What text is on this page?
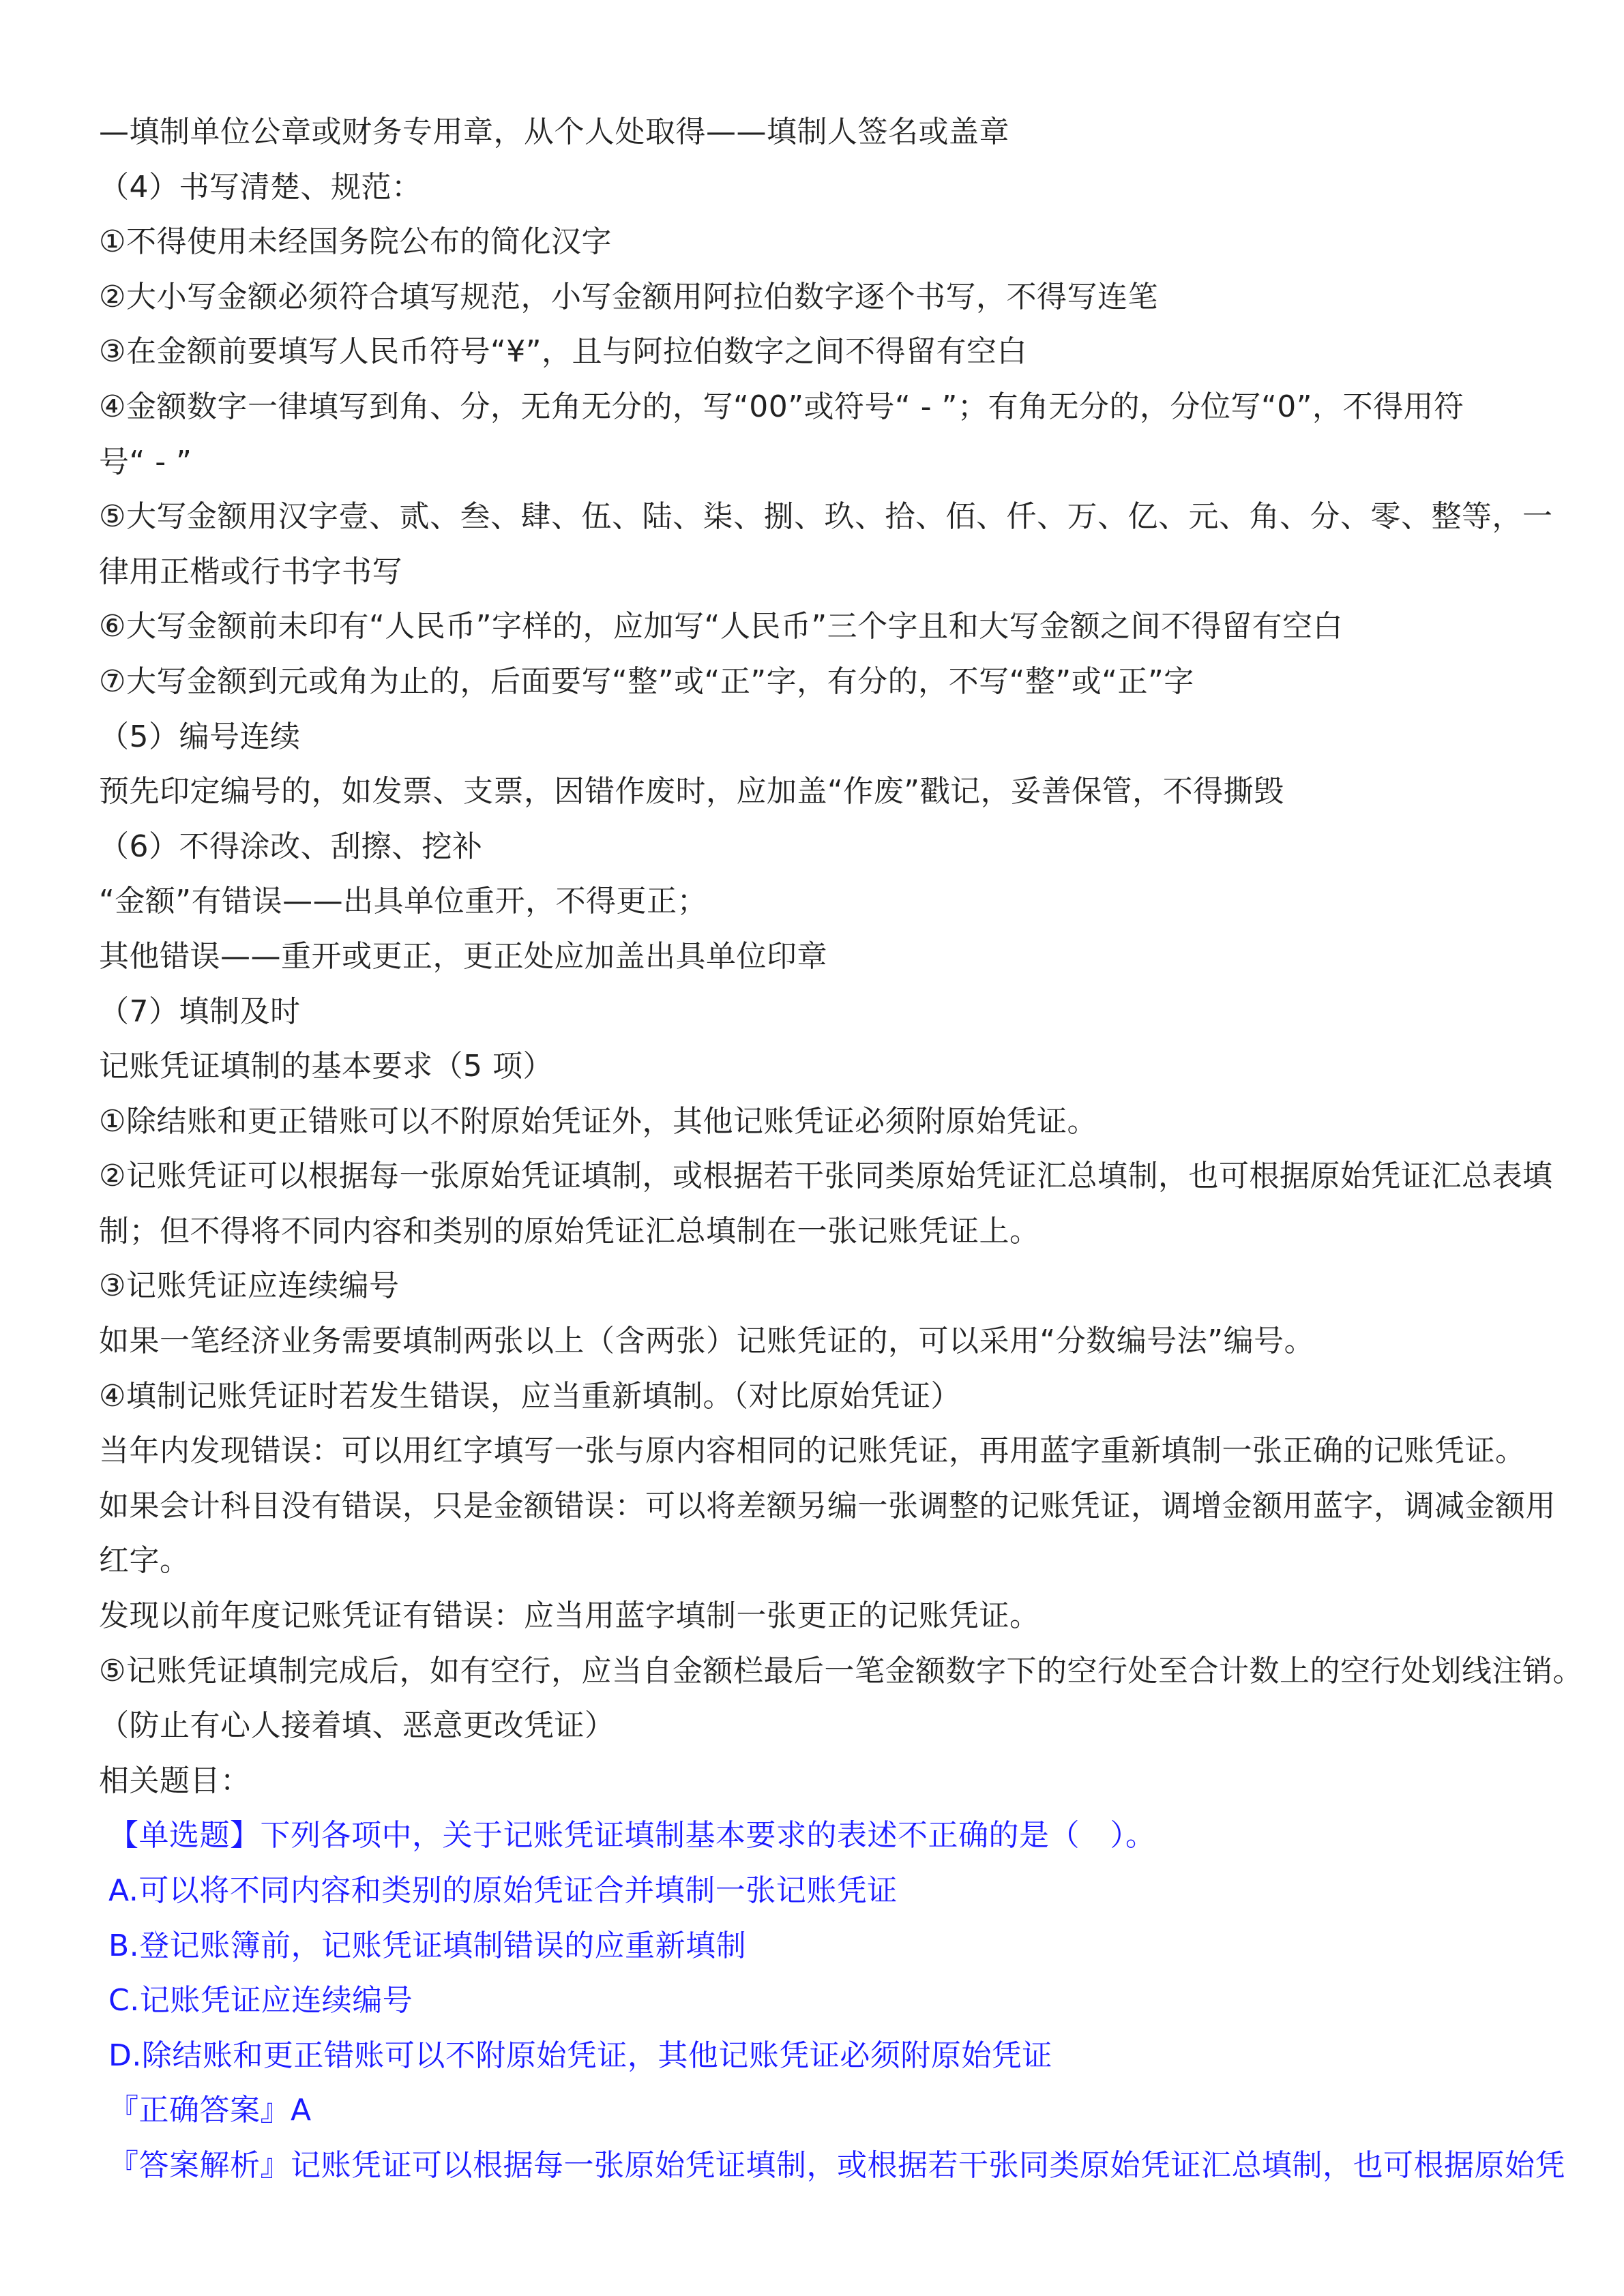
—填制单位公章或财务专用章，从个人处取得——填制人签名或盖章
（4）书写清楚、规范：
①不得使用未经国务院公布的简化汉字
②大小写金额必须符合填写规范，小写金额用阿拉伯数字逐个书写，不得写连笔
③在金额前要填写人民币符号“¥”，且与阿拉伯数字之间不得留有空白
④金额数字一律填写到角、分，无角无分的，写“00”或符号“ - ”；有角无分的，分位写“0”，不得用符
号“ - ”
⑤大写金额用汉字壹、贰、叁、肆、伍、陆、柒、捌、玖、拾、佰、仟、万、亿、元、角、分、零、整等，一
律用正楷或行书字书写
⑥大写金额前未印有“人民币”字样的，应加写“人民币”三个字且和大写金额之间不得留有空白
⑦大写金额到元或角为止的，后面要写“整”或“正”字，有分的，不写“整”或“正”字
（5）编号连续
预先印定编号的，如发票、支票，因错作废时，应加盖“作废”戳记，妥善保管，不得撕毁
（6）不得涂改、刮擦、挖补
“金额”有错误——出具单位重开，不得更正；
其他错误——重开或更正，更正处应加盖出具单位印章
（7）填制及时
记账凭证填制的基本要求（5 项）
①除结账和更正错账可以不附原始凭证外，其他记账凭证必须附原始凭证。
②记账凭证可以根据每一张原始凭证填制，或根据若干张同类原始凭证汇总填制，也可根据原始凭证汇总表填
制；但不得将不同内容和类别的原始凭证汇总填制在一张记账凭证上。
③记账凭证应连续编号
如果一笔经济业务需要填制两张以上（含两张）记账凭证的，可以采用“分数编号法”编号。
④填制记账凭证时若发生错误，应当重新填制。（对比原始凭证）
当年内发现错误：可以用红字填写一张与原内容相同的记账凭证，再用蓝字重新填制一张正确的记账凭证。
如果会计科目没有错误，只是金额错误：可以将差额另编一张调整的记账凭证，调增金额用蓝字，调减金额用
红字。
发现以前年度记账凭证有错误：应当用蓝字填制一张更正的记账凭证。
⑤记账凭证填制完成后，如有空行，应当自金额栏最后一笔金额数字下的空行处至合计数上的空行处划线注销。
（防止有心人接着填、恶意更改凭证）
相关题目：
【单选题】下列各项中，关于记账凭证填制基本要求的表述不正确的是（　）。
A.可以将不同内容和类别的原始凭证合并填制一张记账凭证
B.登记账簿前，记账凭证填制错误的应重新填制
C.记账凭证应连续编号
D.除结账和更正错账可以不附原始凭证，其他记账凭证必须附原始凭证
『正确答案』A
『答案解析』记账凭证可以根据每一张原始凭证填制，或根据若干张同类原始凭证汇总填制，也可根据原始凭
